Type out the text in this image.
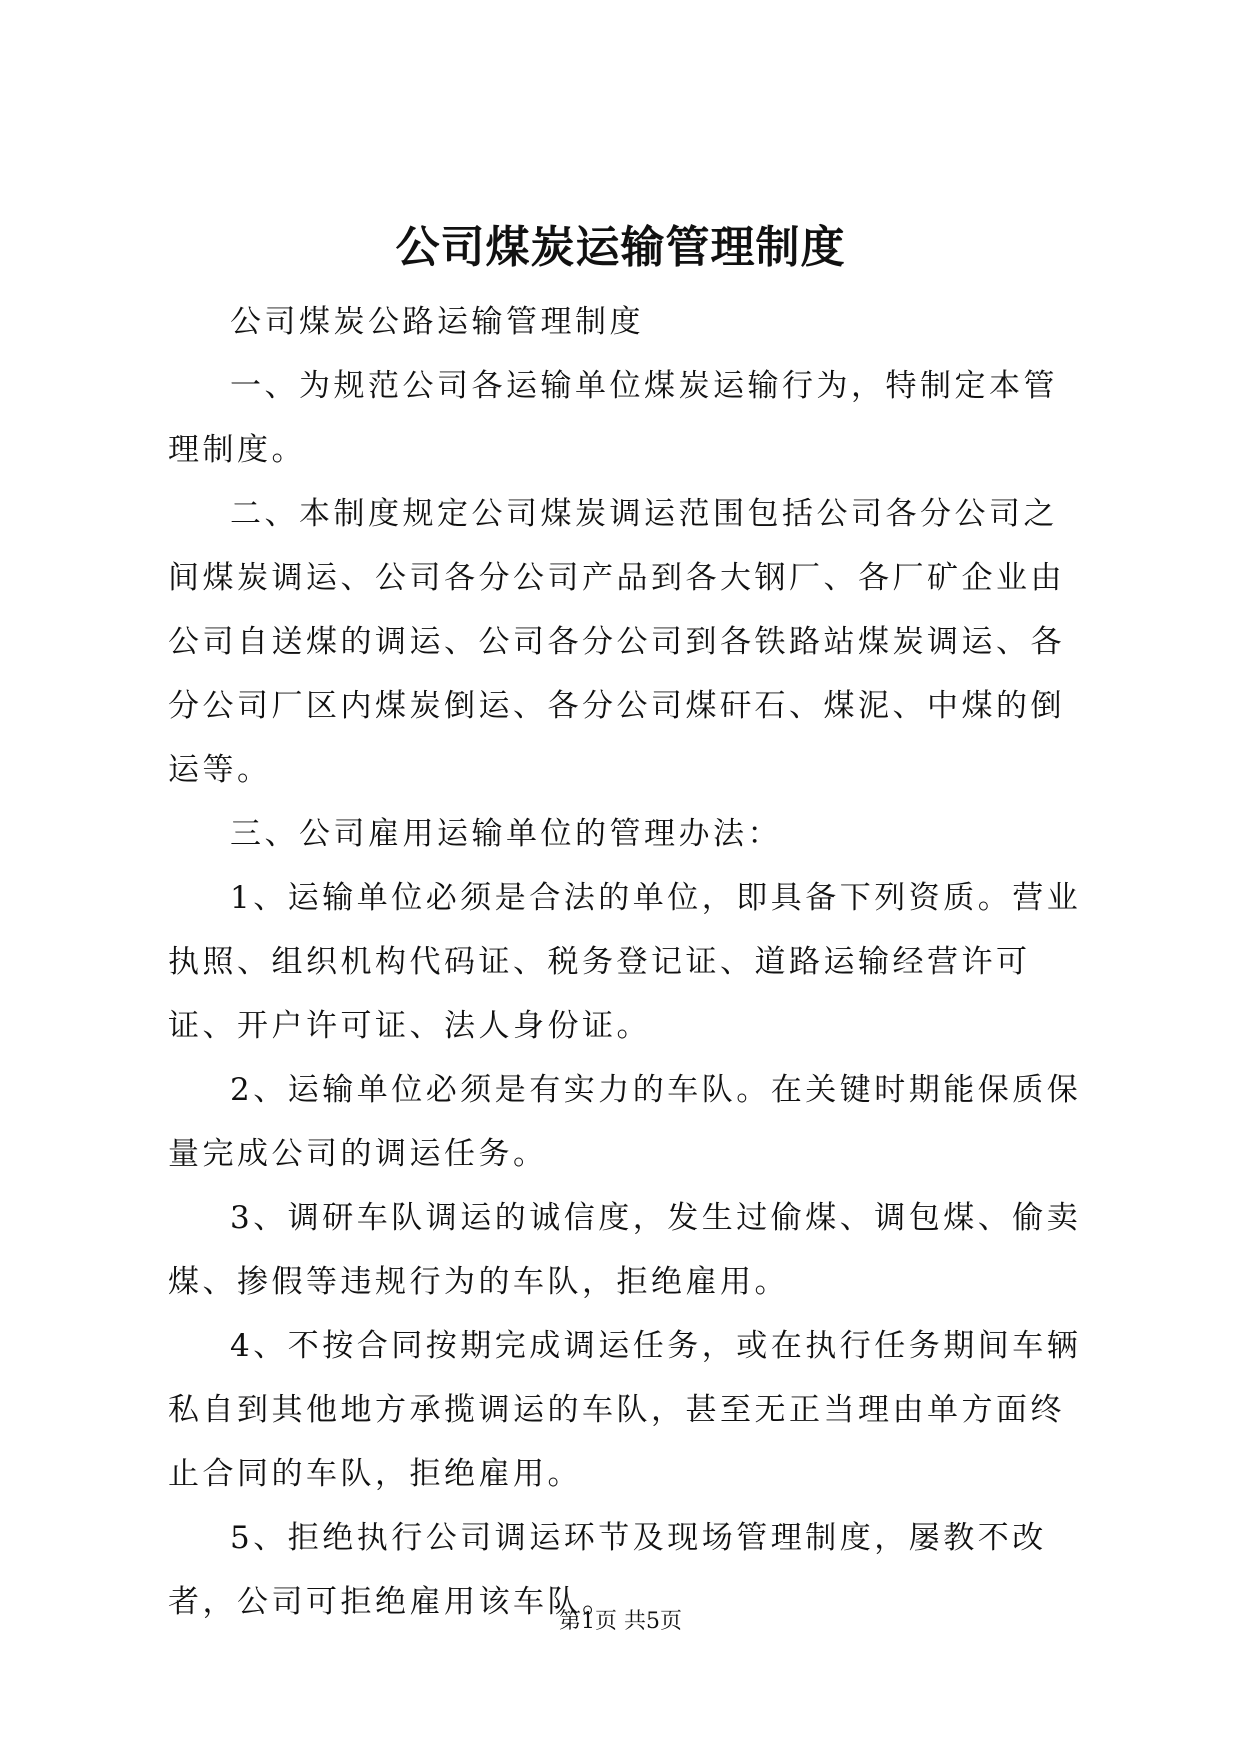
公司煤炭运输管理制度

公司煤炭公路运输管理制度

一、为规范公司各运输单位煤炭运输行为，特制定本管理制度。

二、本制度规定公司煤炭调运范围包括公司各分公司之间煤炭调运、公司各分公司产品到各大钢厂、各厂矿企业由公司自送煤的调运、公司各分公司到各铁路站煤炭调运、各分公司厂区内煤炭倒运、各分公司煤矸石、煤泥、中煤的倒运等。

三、公司雇用运输单位的管理办法：

1、运输单位必须是合法的单位，即具备下列资质。营业执照、组织机构代码证、税务登记证、道路运输经营许可证、开户许可证、法人身份证。

2、运输单位必须是有实力的车队。在关键时期能保质保量完成公司的调运任务。

3、调研车队调运的诚信度，发生过偷煤、调包煤、偷卖煤、掺假等违规行为的车队，拒绝雇用。

4、不按合同按期完成调运任务，或在执行任务期间车辆私自到其他地方承揽调运的车队，甚至无正当理由单方面终止合同的车队，拒绝雇用。

5、拒绝执行公司调运环节及现场管理制度，屡教不改者，公司可拒绝雇用该车队。

第1页 共5页
